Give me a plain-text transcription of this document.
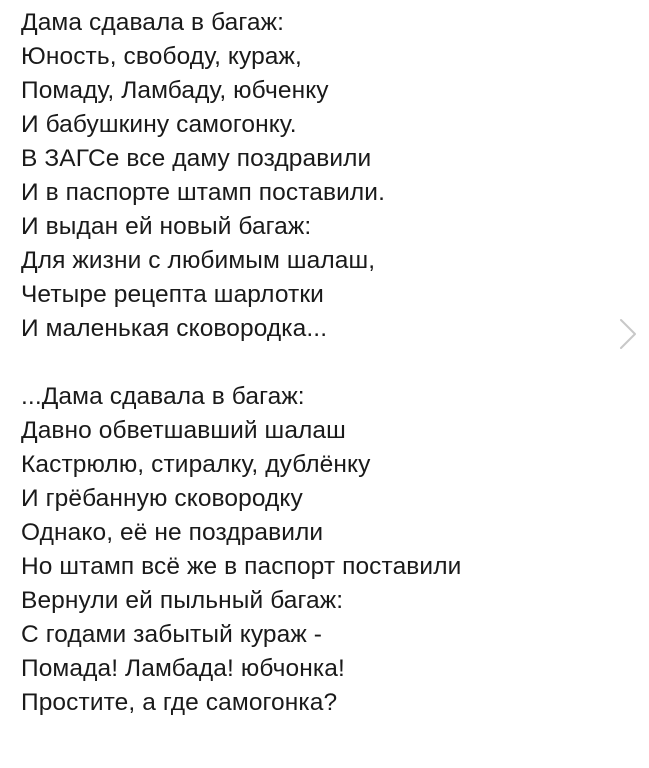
Дама сдавала в багаж:
Юность, свободу, кураж,
Помаду, Ламбаду, юбченку
И бабушкину самогонку.
В ЗАГСе все даму поздравили
И в паспорте штамп поставили.
И выдан ей новый багаж:
Для жизни с любимым шалаш,
Четыре рецепта шарлотки
И маленькая сковородка...
...Дама сдавала в багаж:
Давно обветшавший шалаш
Кастрюлю, стиралку, дублёнку
И грёбанную сковородку
Однако, её не поздравили
Но штамп всё же в паспорт поставили
Вернули ей пыльный багаж:
С годами забытый кураж -
Помада! Ламбада! юбчонка!
Простите, а где самогонка?
